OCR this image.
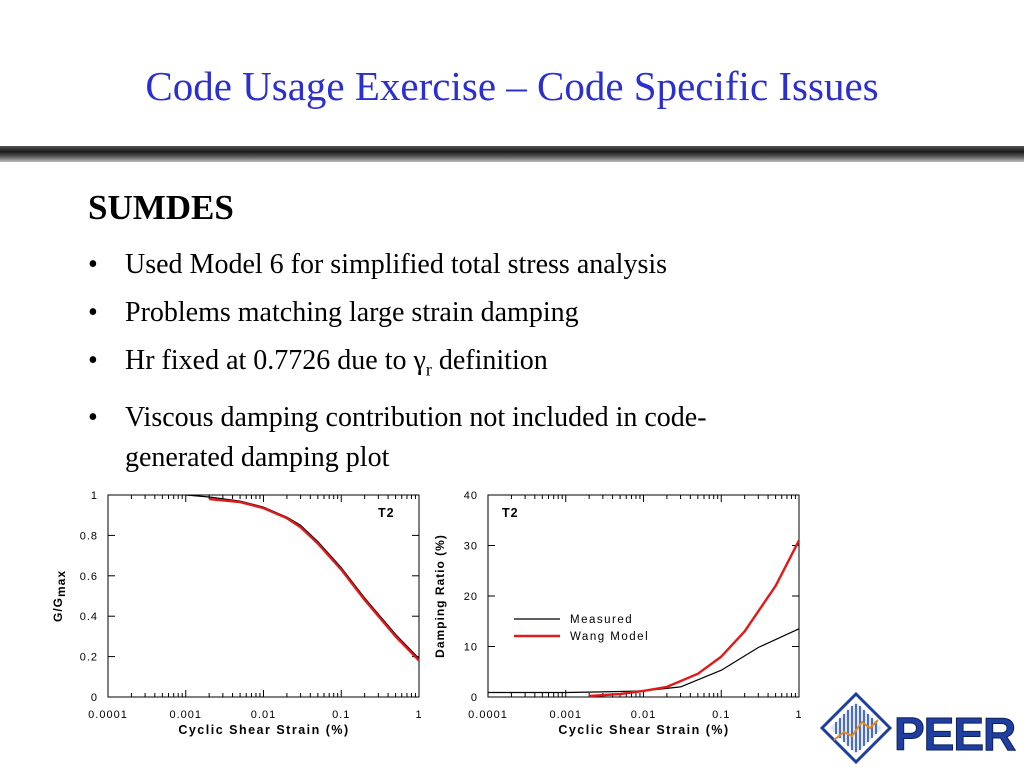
Code Usage Exercise – Code Specific Issues
SUMDES
• Used Model 6 for simplified total stress analysis
• Problems matching large strain damping
• Hr fixed at 0.7726 due to $\gamma_r$ definition
• Viscous damping contribution not included in code-
generated damping plot
0.0001	0.001	0.01	0.1	1
0
0.2
0.4
0.6
0.8
1
T2
Cyclic Shear Strain (%)
G/Gmax
0.0001	0.001	0.01	0.1	1
0
10
20
30
40
T2
Measured
Wang Model
Cyclic Shear Strain (%)
Damping Ratio (%)
PEER
